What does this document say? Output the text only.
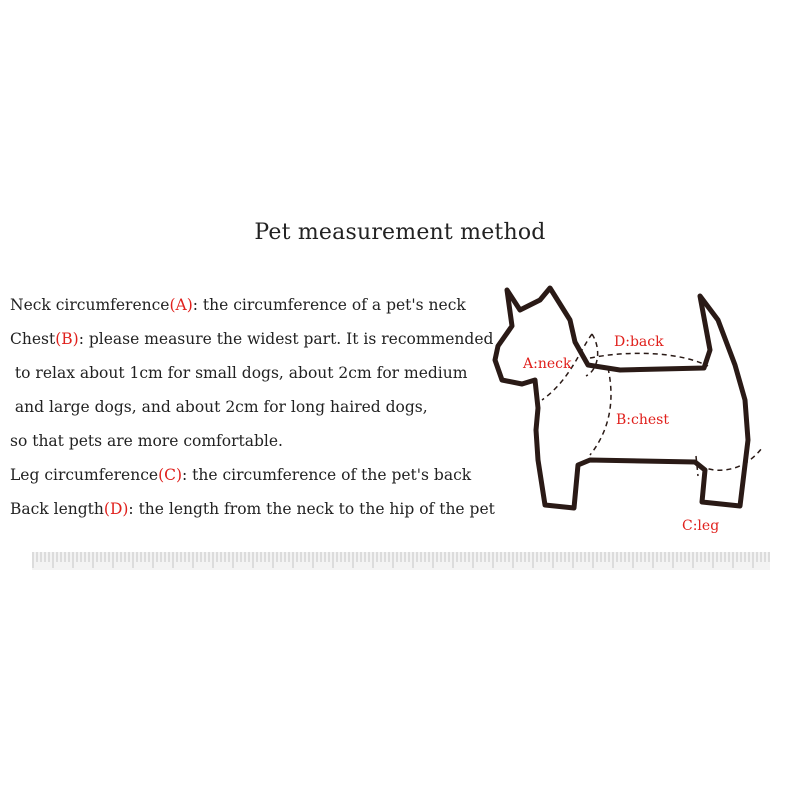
Pet measurement method
Neck circumference(A): the circumference of a pet's neck
Chest(B): please measure the widest part. It is recommended
to relax about 1cm for small dogs, about 2cm for medium
and large dogs, and about 2cm for long haired dogs,
so that pets are more comfortable.
Leg circumference(C): the circumference of the pet's back
Back length(D): the length from the neck to the hip of the pet
A:neck
D:back
B:chest
C:leg
